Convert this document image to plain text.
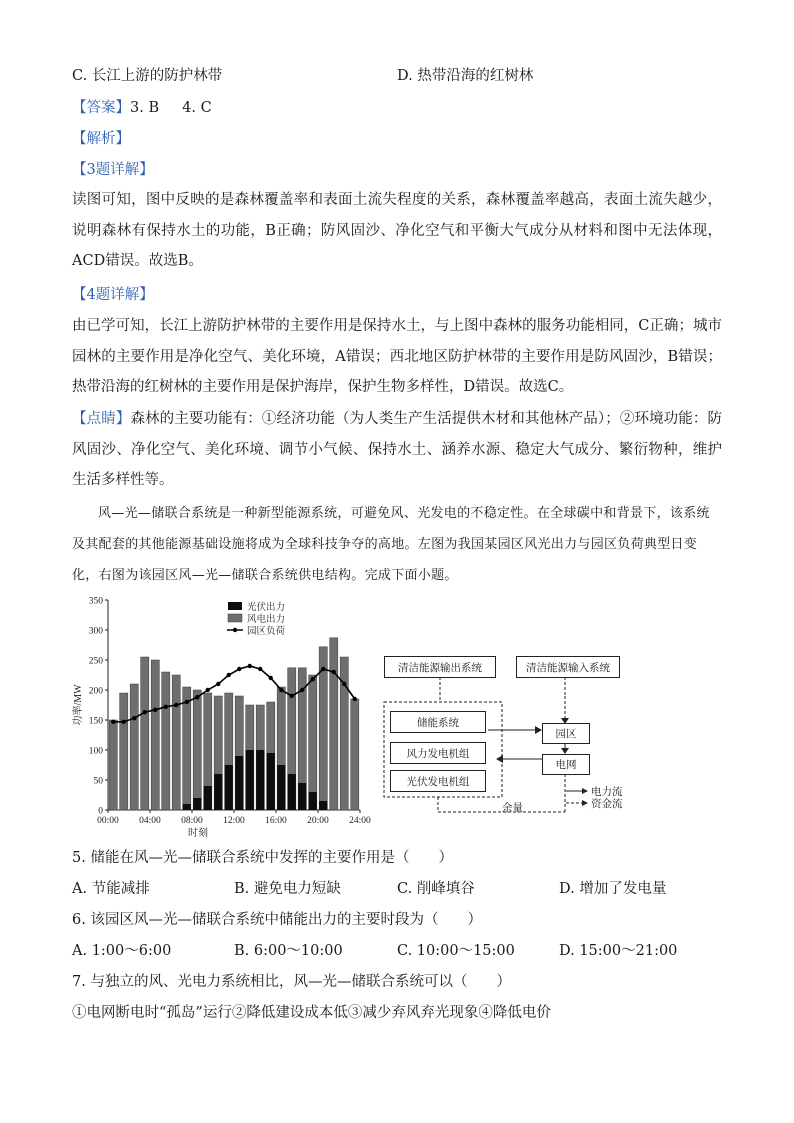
C. 长江上游的防护林带	D. 热带沿海的红树林
【答案】3. B     4. C
【解析】
【3题详解】
读图可知，图中反映的是森林覆盖率和表面土流失程度的关系，森林覆盖率越高，表面土流失越少，说明森林有保持水土的功能，B正确；防风固沙、净化空气和平衡大气成分从材料和图中无法体现，ACD错误。故选B。
【4题详解】
由已学可知，长江上游防护林带的主要作用是保持水土，与上图中森林的服务功能相同，C正确；城市园林的主要作用是净化空气、美化环境，A错误；西北地区防护林带的主要作用是防风固沙，B错误；热带沿海的红树林的主要作用是保护海岸，保护生物多样性，D错误。故选C。
【点睛】森林的主要功能有：①经济功能（为人类生产生活提供木材和其他林产品）；②环境功能：防风固沙、净化空气、美化环境、调节小气候、保持水土、涵养水源、稳定大气成分、繁衍物种，维护生活多样性等。
风—光—储联合系统是一种新型能源系统，可避免风、光发电的不稳定性。在全球碳中和背景下，该系统及其配套的其他能源基础设施将成为全球科技争夺的高地。左图为我国某园区风光出力与园区负荷典型日变化，右图为该园区风—光—储联合系统供电结构。完成下面小题。
0
50
100
150
200
250
300
350
00:00 04:00 08:00 12:00 16:00 20:00 24:00
功率/MW
时刻
光伏出力
风电出力
园区负荷
清洁能源输出系统	清洁能源输入系统
储能系统
风力发电机组
光伏发电机组
园区
电网
余量
电力流
资金流
5. 储能在风—光—储联合系统中发挥的主要作用是（　　）
A. 节能减排	B. 避免电力短缺	C. 削峰填谷	D. 增加了发电量
6. 该园区风—光—储联合系统中储能出力的主要时段为（　　）
A. 1:00～6:00	B. 6:00～10:00	C. 10:00～15:00	D. 15:00～21:00
7. 与独立的风、光电力系统相比，风—光—储联合系统可以（　　）
①电网断电时“孤岛”运行②降低建设成本低③减少弃风弃光现象④降低电价
